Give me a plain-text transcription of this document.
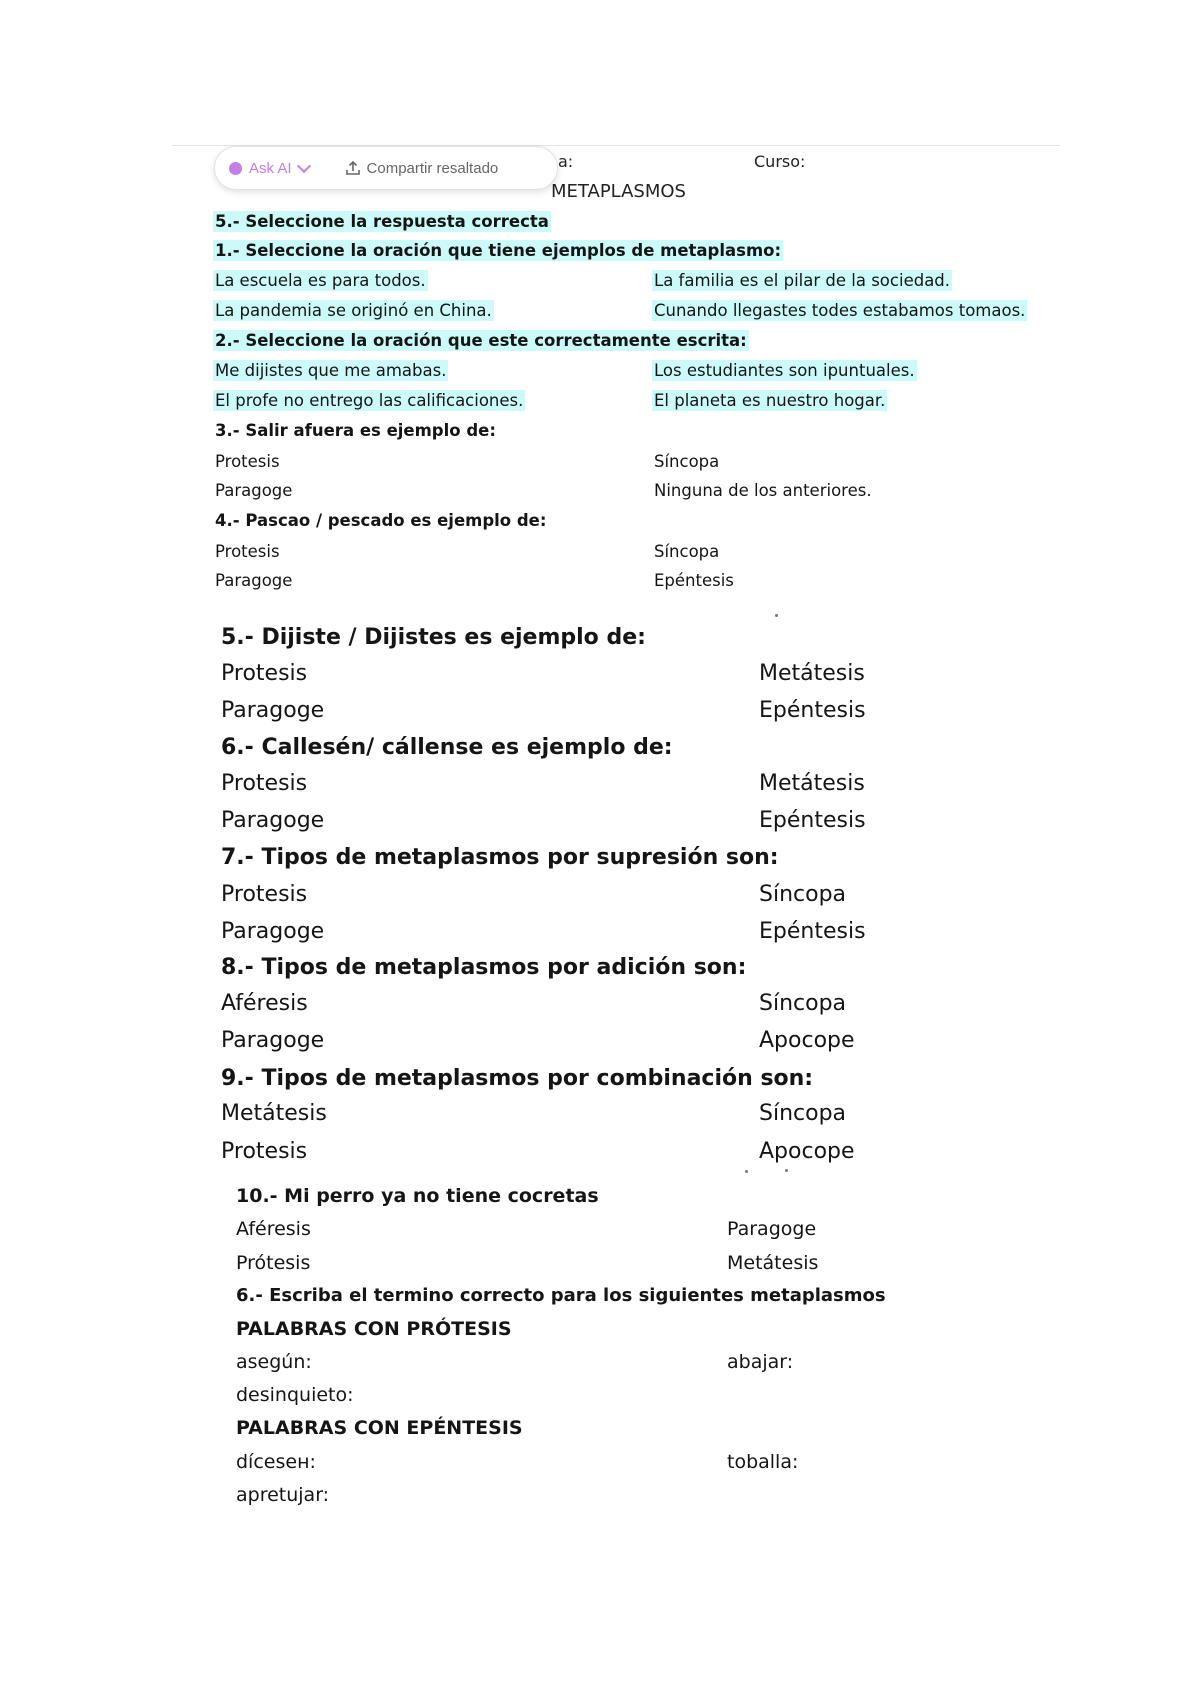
Ask AI	Compartir resaltado	a:	Curso:
METAPLASMOS
5.- Seleccione la respuesta correcta
1.- Seleccione la oración que tiene ejemplos de metaplasmo:
La escuela es para todos.	La familia es el pilar de la sociedad.
La pandemia se originó en China.	Cunando llegastes todes estabamos tomaos.
2.- Seleccione la oración que este correctamente escrita:
Me dijistes que me amabas.	Los estudiantes son ipuntuales.
El profe no entrego las calificaciones.	El planeta es nuestro hogar.
3.- Salir afuera es ejemplo de:
Protesis	Síncopa
Paragoge	Ninguna de los anteriores.
4.- Pascao / pescado es ejemplo de:
Protesis	Síncopa
Paragoge	Epéntesis
5.- Dijiste / Dijistes es ejemplo de:
Protesis	Metátesis
Paragoge	Epéntesis
6.- Callesén/ cállense es ejemplo de:
Protesis	Metátesis
Paragoge	Epéntesis
7.- Tipos de metaplasmos por supresión son:
Protesis	Síncopa
Paragoge	Epéntesis
8.- Tipos de metaplasmos por adición son:
Aféresis	Síncopa
Paragoge	Apocope
9.- Tipos de metaplasmos por combinación son:
Metátesis	Síncopa
Protesis	Apocope
10.- Mi perro ya no tiene cocretas
Aféresis	Paragoge
Prótesis	Metátesis
6.- Escriba el termino correcto para los siguientes metaplasmos
PALABRAS CON PRÓTESIS
asegún:	abajar:
desinquieto:
PALABRAS CON EPÉNTESIS
díceseн:	toballa:
apretujar:
